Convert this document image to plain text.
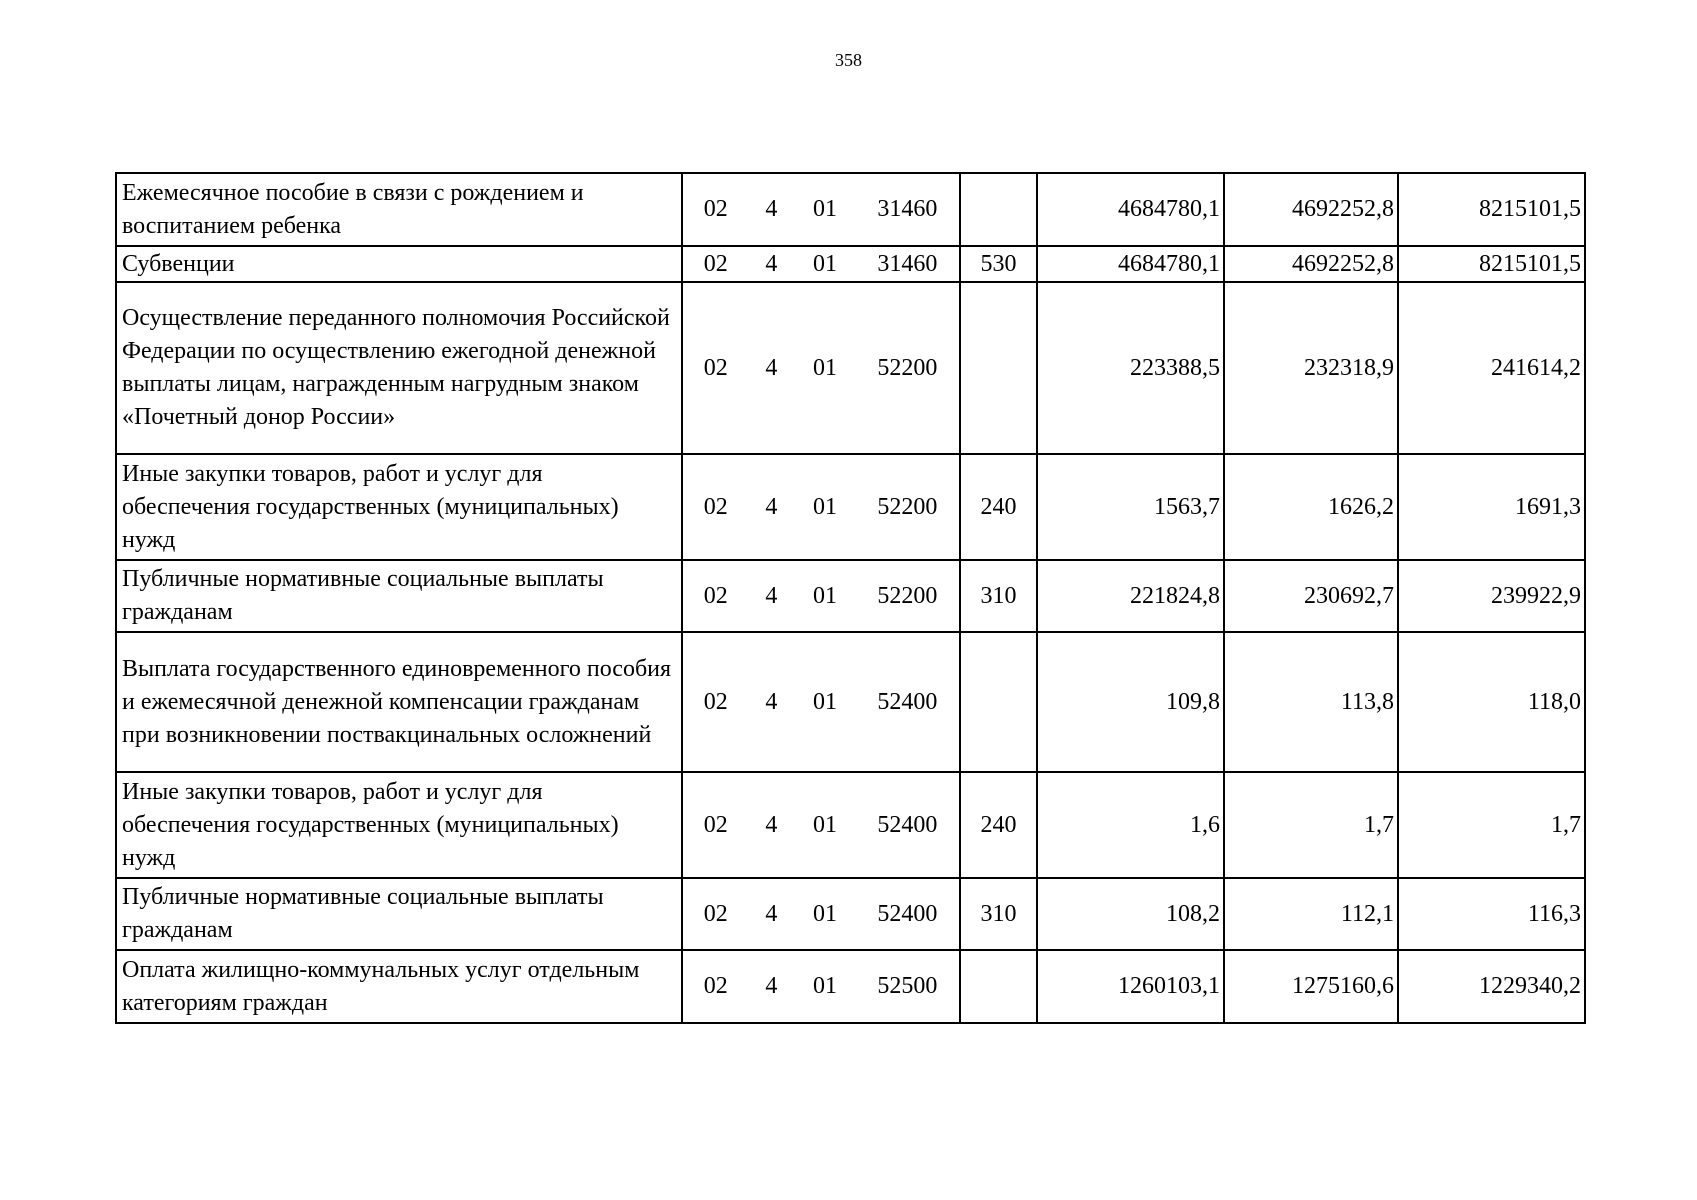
358
Ежемесячное пособие в связи с рождением и воспитанием ребенка	02 4 01 31460		4684780,1	4692252,8	8215101,5
Субвенции	02 4 01 31460	530	4684780,1	4692252,8	8215101,5
Осуществление переданного полномочия Российской Федерации по осуществлению ежегодной денежной выплаты лицам, награжденным нагрудным знаком «Почетный донор России»	02 4 01 52200		223388,5	232318,9	241614,2
Иные закупки товаров, работ и услуг для обеспечения государственных (муниципальных) нужд	02 4 01 52200	240	1563,7	1626,2	1691,3
Публичные нормативные социальные выплаты гражданам	02 4 01 52200	310	221824,8	230692,7	239922,9
Выплата государственного единовременного пособия и ежемесячной денежной компенсации гражданам при возникновении поствакцинальных осложнений	02 4 01 52400		109,8	113,8	118,0
Иные закупки товаров, работ и услуг для обеспечения государственных (муниципальных) нужд	02 4 01 52400	240	1,6	1,7	1,7
Публичные нормативные социальные выплаты гражданам	02 4 01 52400	310	108,2	112,1	116,3
Оплата жилищно-коммунальных услуг отдельным категориям граждан	02 4 01 52500		1260103,1	1275160,6	1229340,2
